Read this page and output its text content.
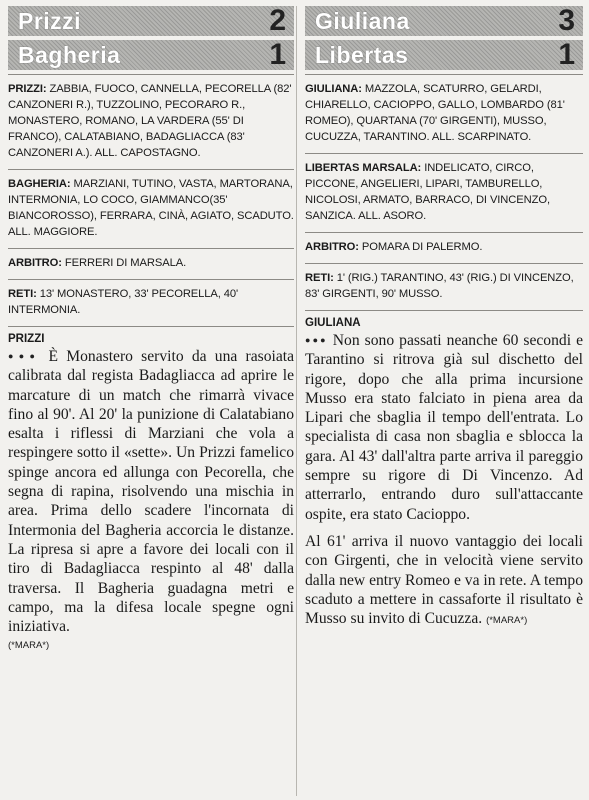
Prizzi	2
Bagheria	1
PRIZZI: ZABBIA, FUOCO, CANNELLA, PECORELLA (82' CANZONERI R.), TUZZOLINO, PECORARO R., MONASTERO, ROMANO, LA VARDERA (55' DI FRANCO), CALATABIANO, BADAGLIACCA (83' CANZONERI A.). ALL. CAPOSTAGNO.
BAGHERIA: MARZIANI, TUTINO, VASTA, MARTORANA, INTERMONIA, LO COCO, GIAMMANCO(35' BIANCOROSSO), FERRARA, CINÀ, AGIATO, SCADUTO. ALL. MAGGIORE.
ARBITRO: FERRERI DI MARSALA.
RETI: 13' MONASTERO, 33' PECORELLA, 40' INTERMONIA.
PRIZZI

●●● È Monastero servito da una rasoiata calibrata dal regista Badagliacca ad aprire le marcature di un match che rimarrà vivace fino al 90'. Al 20' la punizione di Calatabiano esalta i riflessi di Marziani che vola a respingere sotto il «sette». Un Prizzi famelico spinge ancora ed allunga con Pecorella, che segna di rapina, risolvendo una mischia in area. Prima dello scadere l'incornata di Intermonia del Bagheria accorcia le distanze. La ripresa si apre a favore dei locali con il tiro di Badagliacca respinto al 48' dalla traversa. Il Bagheria guadagna metri e campo, ma la difesa locale spegne ogni iniziativa.

(*MARA*)
Giuliana	3
Libertas	1
GIULIANA: MAZZOLA, SCATURRO, GELARDI, CHIARELLO, CACIOPPO, GALLO, LOMBARDO (81' ROMEO), QUARTANA (70' GIRGENTI), MUSSO, CUCUZZA, TARANTINO. ALL. SCARPINATO.
LIBERTAS MARSALA: INDELICATO, CIRCO, PICCONE, ANGELIERI, LIPARI, TAMBURELLO, NICOLOSI, ARMATO, BARRACO, DI VINCENZO, SANZICA. ALL. ASORO.
ARBITRO: POMARA DI PALERMO.
RETI: 1' (RIG.) TARANTINO, 43' (RIG.) DI VINCENZO, 83' GIRGENTI, 90' MUSSO.
GIULIANA

●●● Non sono passati neanche 60 secondi e Tarantino si ritrova già sul dischetto del rigore, dopo che alla prima incursione Musso era stato falciato in piena area da Lipari che sbaglia il tempo dell'entrata. Lo specialista di casa non sbaglia e sblocca la gara. Al 43' dall'altra parte arriva il pareggio sempre su rigore di Di Vincenzo. Ad atterrarlo, entrando duro sull'attaccante ospite, era stato Cacioppo.

Al 61' arriva il nuovo vantaggio dei locali con Girgenti, che in velocità viene servito dalla new entry Romeo e va in rete. A tempo scaduto a mettere in cassaforte il risultato è Musso su invito di Cucuzza. (*MARA*)
